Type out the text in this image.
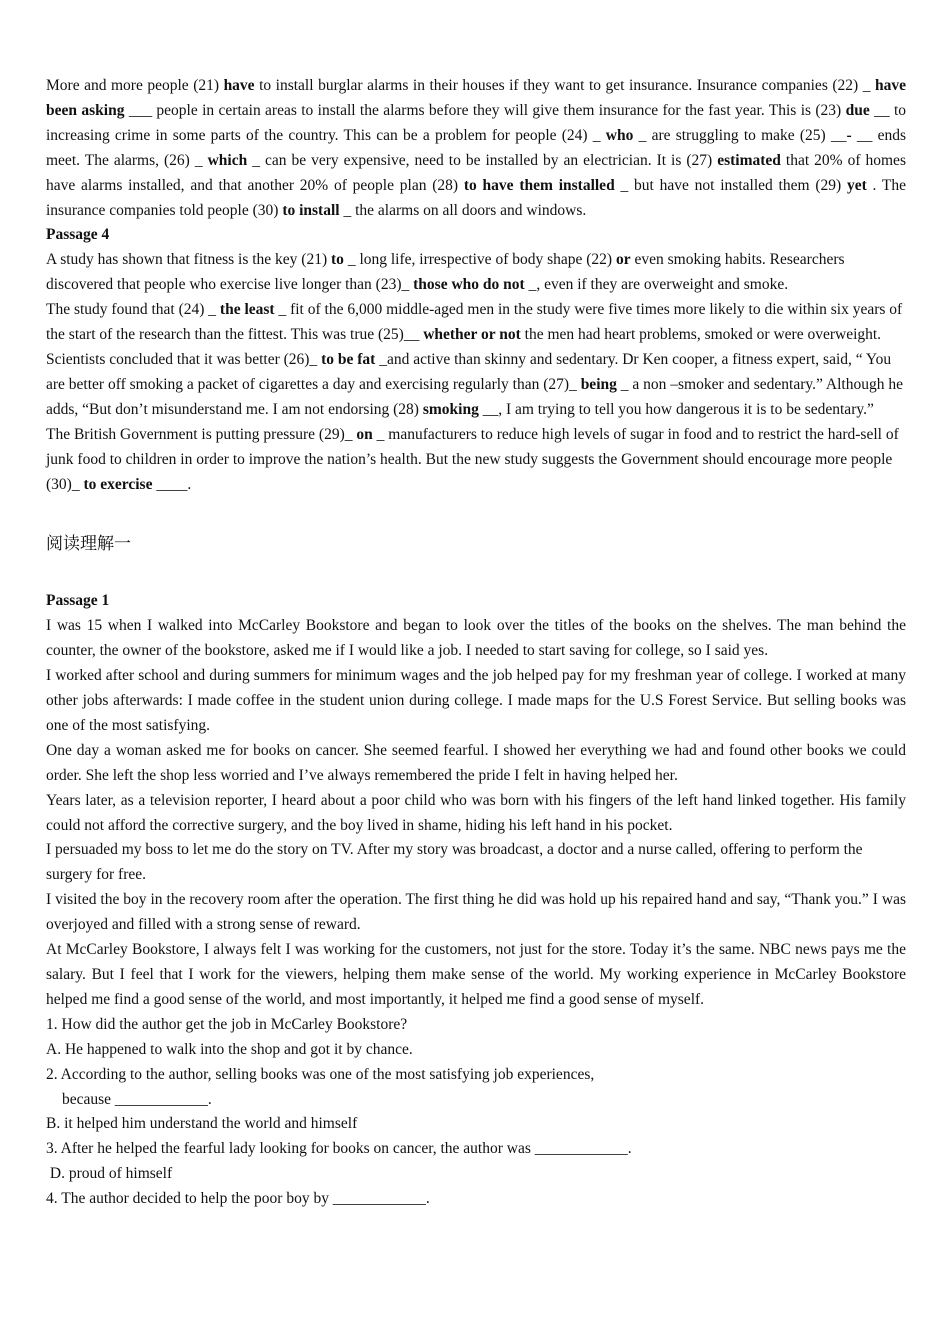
More and more people (21) have to install burglar alarms in their houses if they want to get insurance. Insurance companies (22) _ have been asking ___ people in certain areas to install the alarms before they will give them insurance for the fast year. This is (23) due __ to increasing crime in some parts of the country. This can be a problem for people (24) _ who _ are struggling to make (25) __- __ ends meet. The alarms, (26) _ which _ can be very expensive, need to be installed by an electrician. It is (27) estimated that 20% of homes have alarms installed, and that another 20% of people plan (28) to have them installed _ but have not installed them (29) yet . The insurance companies told people (30) to install _ the alarms on all doors and windows.

Passage 4

A study has shown that fitness is the key (21) to _ long life, irrespective of body shape (22) or even smoking habits. Researchers discovered that people who exercise live longer than (23)_ those who do not _, even if they are overweight and smoke.

The study found that (24) _ the least _ fit of the 6,000 middle-aged men in the study were five times more likely to die within six years of the start of the research than the fittest. This was true (25)__ whether or not the men had heart problems, smoked or were overweight. Scientists concluded that it was better (26)_ to be fat _and active than skinny and sedentary. Dr Ken cooper, a fitness expert, said, “ You are better off smoking a packet of cigarettes a day and exercising regularly than (27)_ being _ a non –smoker and sedentary.” Although he adds, “But don’t misunderstand me. I am not endorsing (28) smoking __, I am trying to tell you how dangerous it is to be sedentary.”

The British Government is putting pressure (29)_ on _ manufacturers to reduce high levels of sugar in food and to restrict the hard-sell of junk food to children in order to improve the nation’s health. But the new study suggests the Government should encourage more people (30)_ to exercise ____.

阅读理解一
Passage 1

I was 15 when I walked into McCarley Bookstore and began to look over the titles of the books on the shelves. The man behind the counter, the owner of the bookstore, asked me if I would like a job. I needed to start saving for college, so I said yes.

I worked after school and during summers for minimum wages and the job helped pay for my freshman year of college. I worked at many other jobs afterwards: I made coffee in the student union during college. I made maps for the U.S Forest Service. But selling books was one of the most satisfying.

One day a woman asked me for books on cancer. She seemed fearful. I showed her everything we had and found other books we could order. She left the shop less worried and I’ve always remembered the pride I felt in having helped her.

Years later, as a television reporter, I heard about a poor child who was born with his fingers of the left hand linked together. His family could not afford the corrective surgery, and the boy lived in shame, hiding his left hand in his pocket.

I persuaded my boss to let me do the story on TV. After my story was broadcast, a doctor and a nurse called, offering to perform the surgery for free.

I visited the boy in the recovery room after the operation. The first thing he did was hold up his repaired hand and say, “Thank you.” I was overjoyed and filled with a strong sense of reward.

At McCarley Bookstore, I always felt I was working for the customers, not just for the store. Today it’s the same. NBC news pays me the salary. But I feel that I work for the viewers, helping them make sense of the world. My working experience in McCarley Bookstore helped me find a good sense of the world, and most importantly, it helped me find a good sense of myself.

1. How did the author get the job in McCarley Bookstore?
A. He happened to walk into the shop and got it by chance.
2. According to the author, selling books was one of the most satisfying job experiences,
because ____________.
B. it helped him understand the world and himself
3. After he helped the fearful lady looking for books on cancer, the author was ____________.
D. proud of himself
4. The author decided to help the poor boy by ____________.
